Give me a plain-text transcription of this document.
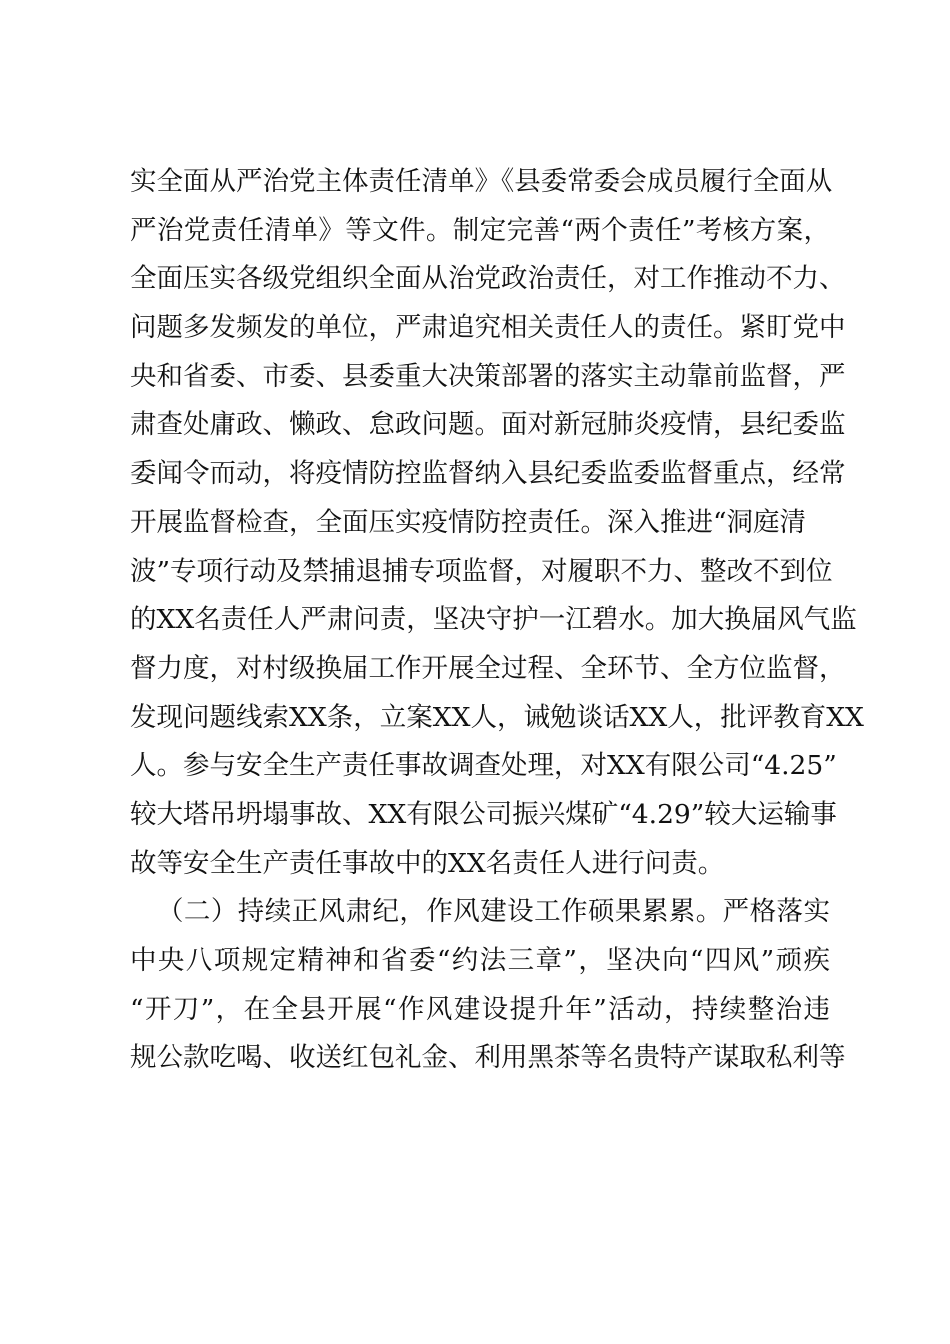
实全面从严治党主体责任清单》《县委常委会成员履行全面从
严治党责任清单》等文件。制定完善“两个责任”考核方案，
全面压实各级党组织全面从治党政治责任，对工作推动不力、
问题多发频发的单位，严肃追究相关责任人的责任。紧盯党中
央和省委、市委、县委重大决策部署的落实主动靠前监督，严
肃查处庸政、懒政、怠政问题。面对新冠肺炎疫情，县纪委监
委闻令而动，将疫情防控监督纳入县纪委监委监督重点，经常
开展监督检查，全面压实疫情防控责任。深入推进“洞庭清
波”专项行动及禁捕退捕专项监督，对履职不力、整改不到位
的XX名责任人严肃问责，坚决守护一江碧水。加大换届风气监
督力度，对村级换届工作开展全过程、全环节、全方位监督，
发现问题线索XX条，立案XX人，诫勉谈话XX人，批评教育XX
人。参与安全生产责任事故调查处理，对XX有限公司“4.25”
较大塔吊坍塌事故、XX有限公司振兴煤矿“4.29”较大运输事
故等安全生产责任事故中的XX名责任人进行问责。
（二）持续正风肃纪，作风建设工作硕果累累。严格落实
中央八项规定精神和省委“约法三章”，坚决向“四风”顽疾
“开刀”，在全县开展“作风建设提升年”活动，持续整治违
规公款吃喝、收送红包礼金、利用黑茶等名贵特产谋取私利等
